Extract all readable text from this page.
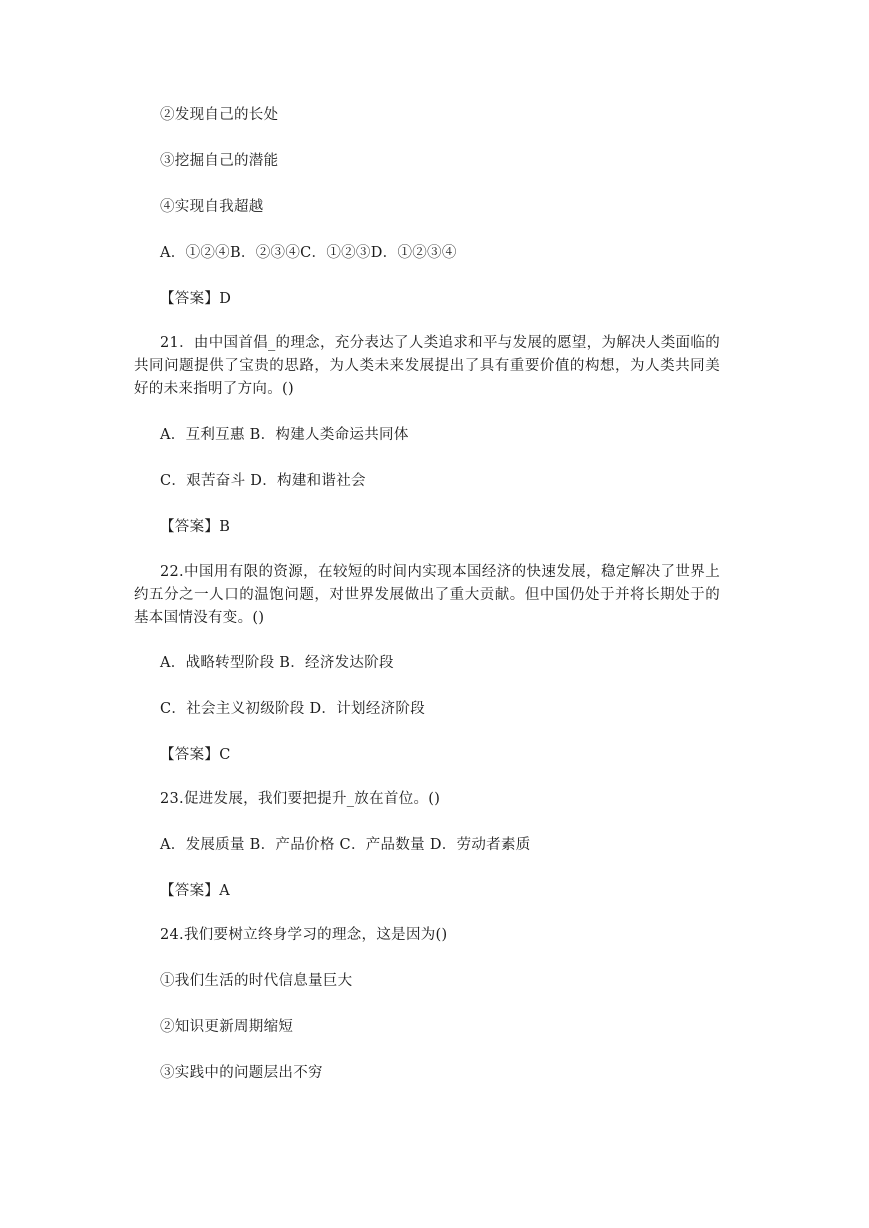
②发现自己的长处
③挖掘自己的潜能
④实现自我超越
A．①②④B．②③④C．①②③D．①②③④
【答案】D
21．由中国首倡_的理念，充分表达了人类追求和平与发展的愿望，为解决人类面临的共同问题提供了宝贵的思路，为人类未来发展提出了具有重要价值的构想，为人类共同美好的未来指明了方向。()
A．互利互惠 B．构建人类命运共同体
C．艰苦奋斗 D．构建和谐社会
【答案】B
22.中国用有限的资源，在较短的时间内实现本国经济的快速发展，稳定解决了世界上约五分之一人口的温饱问题，对世界发展做出了重大贡献。但中国仍处于并将长期处于的基本国情没有变。()
A．战略转型阶段 B．经济发达阶段
C．社会主义初级阶段 D．计划经济阶段
【答案】C
23.促进发展，我们要把提升_放在首位。()
A．发展质量 B．产品价格 C．产品数量 D．劳动者素质
【答案】A
24.我们要树立终身学习的理念，这是因为()
①我们生活的时代信息量巨大
②知识更新周期缩短
③实践中的问题层出不穷
